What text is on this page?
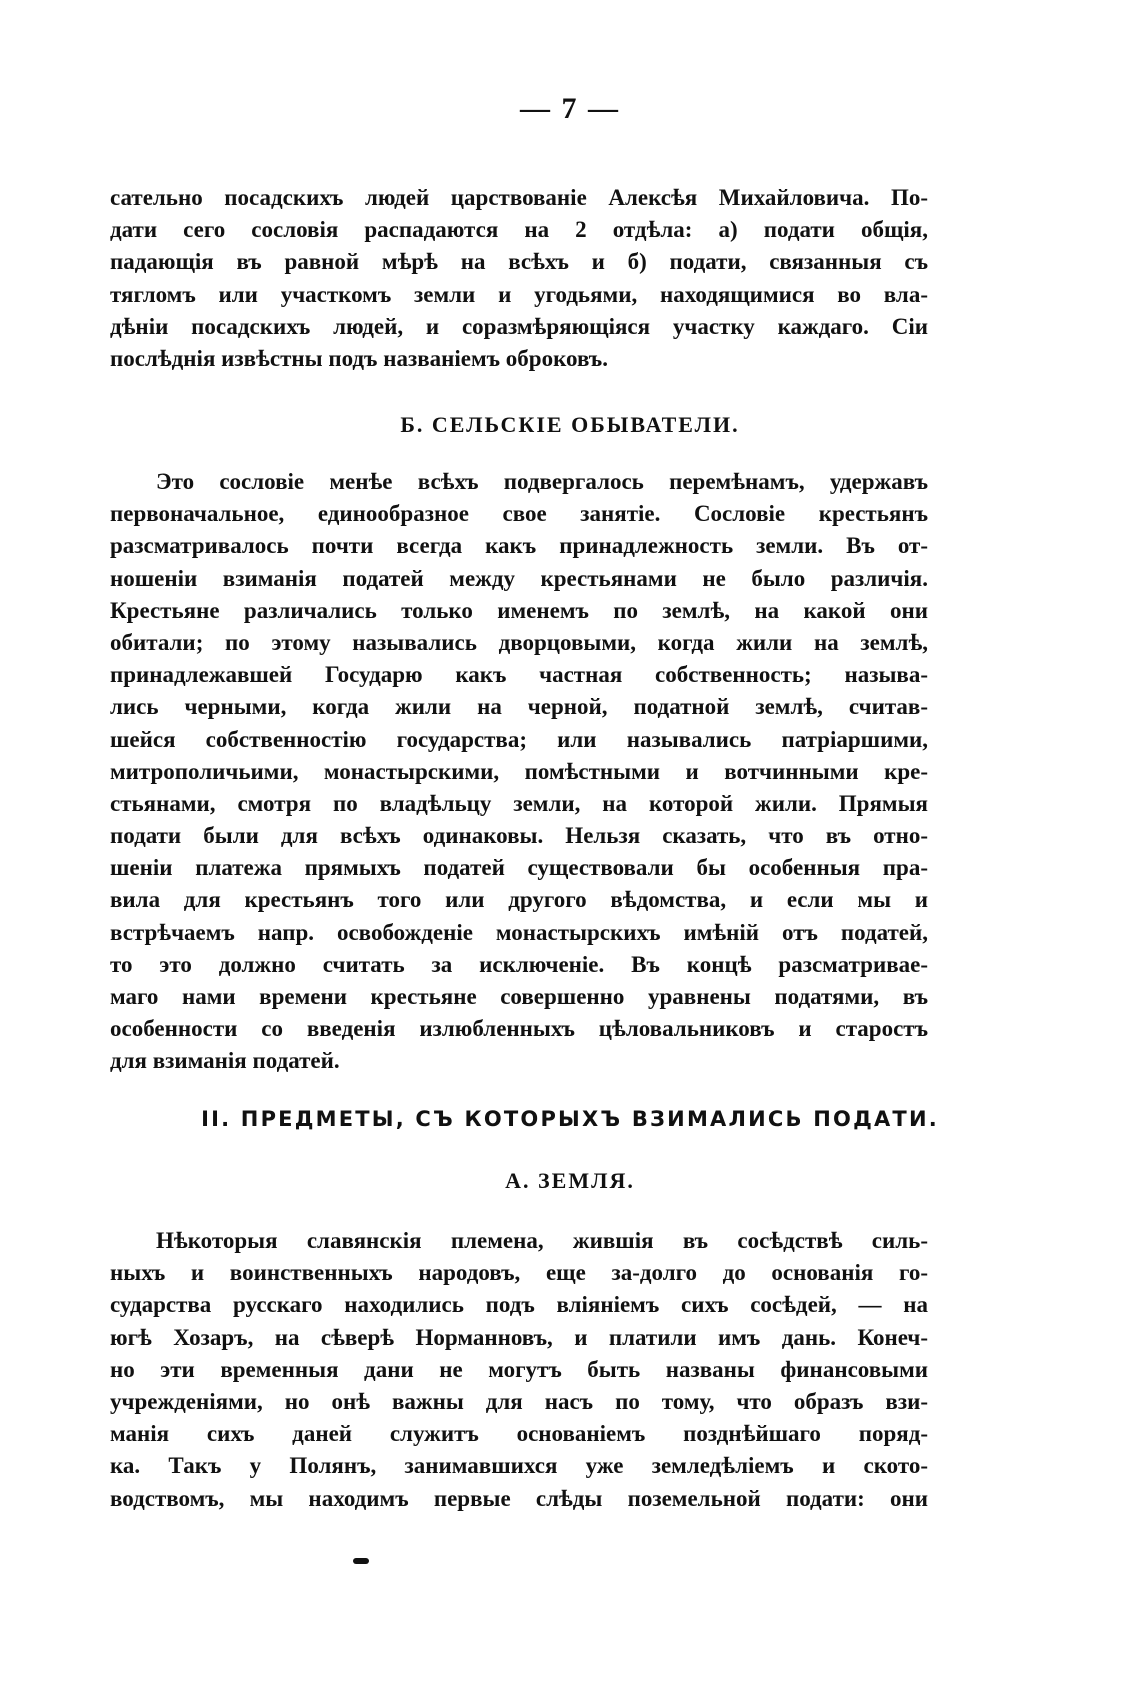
— 7 —
сательно посадскихъ людей царствованіе Алексѣя Михайловича. По-
дати сего сословія распадаются на 2 отдѣла: а) подати общія,
падающія въ равной мѣрѣ на всѣхъ и б) подати, связанныя съ
тягломъ или участкомъ земли и угодьями, находящимися во вла-
дѣніи посадскихъ людей, и соразмѣряющіяся участку каждаго. Сіи
послѣднія извѣстны подъ названіемъ оброковъ.
Б. СЕЛЬСКІЕ ОБЫВАТЕЛИ.
Это сословіе менѣе всѣхъ подвергалось перемѣнамъ, удержавъ
первоначальное, единообразное свое занятіе. Сословіе крестьянъ
разсматривалось почти всегда какъ принадлежность земли. Въ от-
ношеніи взиманія податей между крестьянами не было различія.
Крестьяне различались только именемъ по землѣ, на какой они
обитали; по этому назывались дворцовыми, когда жили на землѣ,
принадлежавшей Государю какъ частная собственность; называ-
лись черными, когда жили на черной, податной землѣ, считав-
шейся собственностію государства; или назывались патріаршими,
митрополичьими, монастырскими, помѣстными и вотчинными кре-
стьянами, смотря по владѣльцу земли, на которой жили. Прямыя
подати были для всѣхъ одинаковы. Нельзя сказать, что въ отно-
шеніи платежа прямыхъ податей существовали бы особенныя пра-
вила для крестьянъ того или другого вѣдомства, и если мы и
встрѣчаемъ напр. освобожденіе монастырскихъ имѣній отъ податей,
то это должно считать за исключеніе. Въ концѣ разсматривае-
маго нами времени крестьяне совершенно уравнены податями, въ
особенности со введенія излюбленныхъ цѣловальниковъ и старостъ
для взиманія податей.
II. ПРЕДМЕТЫ, СЪ КОТОРЫХЪ ВЗИМАЛИСЬ ПОДАТИ.
А. ЗЕМЛЯ.
Нѣкоторыя славянскія племена, жившія въ сосѣдствѣ силь-
ныхъ и воинственныхъ народовъ, еще за-долго до основанія го-
сударства русскаго находились подъ вліяніемъ сихъ сосѣдей, — на
югѣ Хозаръ, на сѣверѣ Норманновъ, и платили имъ дань. Конеч-
но эти временныя дани не могутъ быть названы финансовыми
учрежденіями, но онѣ важны для насъ по тому, что образъ взи-
манія сихъ даней служитъ основаніемъ позднѣйшаго поряд-
ка. Такъ у Полянъ, занимавшихся уже земледѣліемъ и ското-
водствомъ, мы находимъ первые слѣды поземельной подати: они
